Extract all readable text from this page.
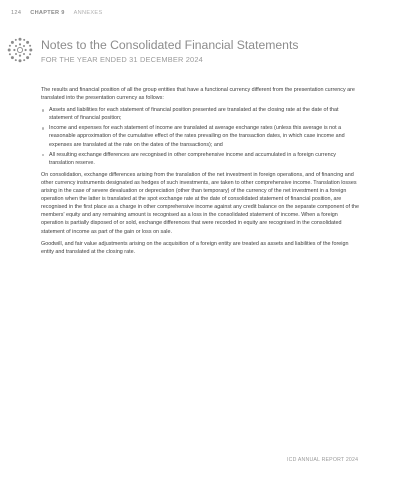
124 CHAPTER 9 ANNEXES
Notes to the Consolidated Financial Statements
FOR THE YEAR ENDED 31 DECEMBER 2024

The results and financial position of all the group entities that have a functional currency different from the presentation currency are translated into the presentation currency as follows:

Assets and liabilities for each statement of financial position presented are translated at the closing rate at the date of that statement of financial position;
Income and expenses for each statement of income are translated at average exchange rates (unless this average is not a reasonable approximation of the cumulative effect of the rates prevailing on the transaction dates, in which case income and expenses are translated at the rate on the dates of the transactions); and
All resulting exchange differences are recognised in other comprehensive income and accumulated in a foreign currency translation reserve.

On consolidation, exchange differences arising from the translation of the net investment in foreign operations, and of financing and other currency instruments designated as hedges of such investments, are taken to other comprehensive income. Translation losses arising in the case of severe devaluation or depreciation (other than temporary) of the currency of the net investment in a foreign operation when the latter is translated at the spot exchange rate at the date of consolidated statement of financial position, are recognised in the first place as a charge in other comprehensive income against any credit balance on the separate component of the members' equity and any remaining amount is recognised as a loss in the consolidated statement of income. When a foreign operation is partially disposed of or sold, exchange differences that were recorded in equity are recognised in the consolidated statement of income as part of the gain or loss on sale.

Goodwill, and fair value adjustments arising on the acquisition of a foreign entity are treated as assets and liabilities of the foreign entity and translated at the closing rate.

ICD ANNUAL REPORT 2024
